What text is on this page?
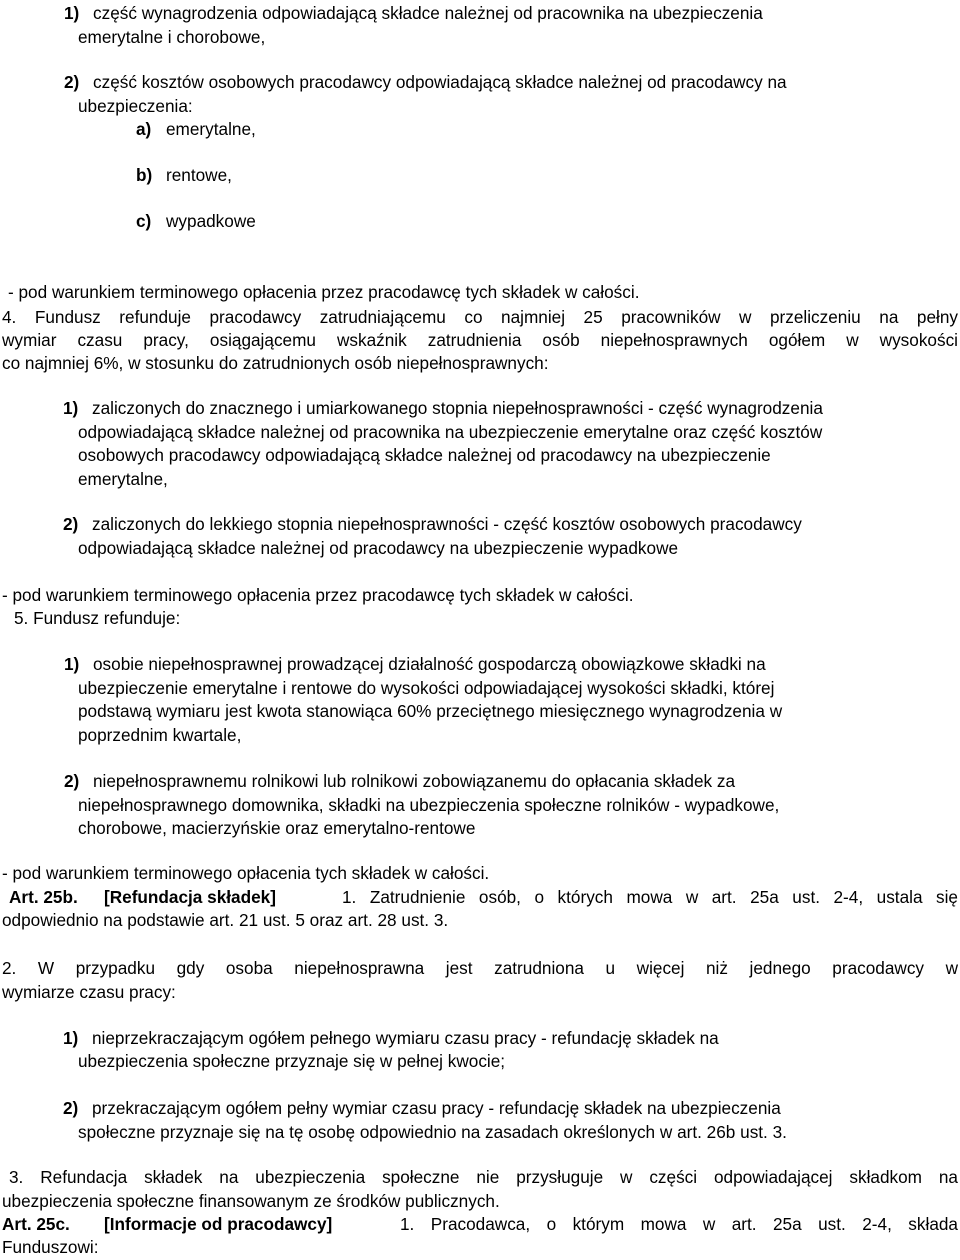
1) część wynagrodzenia odpowiadającą składce należnej od pracownika na ubezpieczenia
emerytalne i chorobowe,
2) część kosztów osobowych pracodawcy odpowiadającą składce należnej od pracodawcy na
ubezpieczenia:
a) emerytalne,
b) rentowe,
c) wypadkowe
- pod warunkiem terminowego opłacenia przez pracodawcę tych składek w całości.
4. Fundusz refunduje pracodawcy zatrudniającemu co najmniej 25 pracowników w przeliczeniu na pełny
wymiar czasu pracy, osiągającemu wskaźnik zatrudnienia osób niepełnosprawnych ogółem w wysokości
co najmniej 6%, w stosunku do zatrudnionych osób niepełnosprawnych:
1) zaliczonych do znacznego i umiarkowanego stopnia niepełnosprawności - część wynagrodzenia
odpowiadającą składce należnej od pracownika na ubezpieczenie emerytalne oraz część kosztów
osobowych pracodawcy odpowiadającą składce należnej od pracodawcy na ubezpieczenie
emerytalne,
2) zaliczonych do lekkiego stopnia niepełnosprawności - część kosztów osobowych pracodawcy
odpowiadającą składce należnej od pracodawcy na ubezpieczenie wypadkowe
- pod warunkiem terminowego opłacenia przez pracodawcę tych składek w całości.
5. Fundusz refunduje:
1) osobie niepełnosprawnej prowadzącej działalność gospodarczą obowiązkowe składki na
ubezpieczenie emerytalne i rentowe do wysokości odpowiadającej wysokości składki, której
podstawą wymiaru jest kwota stanowiąca 60% przeciętnego miesięcznego wynagrodzenia w
poprzednim kwartale,
2) niepełnosprawnemu rolnikowi lub rolnikowi zobowiązanemu do opłacania składek za
niepełnosprawnego domownika, składki na ubezpieczenia społeczne rolników - wypadkowe,
chorobowe, macierzyńskie oraz emerytalno-rentowe
- pod warunkiem terminowego opłacenia tych składek w całości.
Art. 25b. [Refundacja składek]	1. Zatrudnienie osób, o których mowa w art. 25a ust. 2-4, ustala się
odpowiednio na podstawie art. 21 ust. 5 oraz art. 28 ust. 3.
2. W przypadku gdy osoba niepełnosprawna jest zatrudniona u więcej niż jednego pracodawcy w
wymiarze czasu pracy:
1) nieprzekraczającym ogółem pełnego wymiaru czasu pracy - refundację składek na
ubezpieczenia społeczne przyznaje się w pełnej kwocie;
2) przekraczającym ogółem pełny wymiar czasu pracy - refundację składek na ubezpieczenia
społeczne przyznaje się na tę osobę odpowiednio na zasadach określonych w art. 26b ust. 3.
3. Refundacja składek na ubezpieczenia społeczne nie przysługuje w części odpowiadającej składkom na
ubezpieczenia społeczne finansowanym ze środków publicznych.
Art. 25c. [Informacje od pracodawcy]	1. Pracodawca, o którym mowa w art. 25a ust. 2-4, składa
Funduszowi:
